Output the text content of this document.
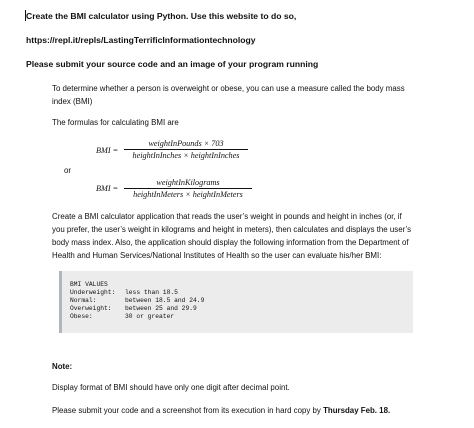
Create the BMI calculator using Python. Use this website to do so,
https://repl.it/repls/LastingTerrificInformationtechnology
Please submit your source code and an image of your program running
To determine whether a person is overweight or obese, you can use a measure called the body mass
index (BMI)
The formulas for calculating BMI are
BMI =
weightInPounds × 703
heightInInches × heightInInches
or
BMI =
weightInKilograms
heightInMeters × heightInMeters
Create a BMI calculator application that reads the user’s weight in pounds and height in inches (or, if
you prefer, the user’s weight in kilograms and height in meters), then calculates and displays the user’s
body mass index. Also, the application should display the following information from the Department of
Health and Human Services/National Institutes of Health so the user can evaluate his/her BMI:
BMI VALUES
Underweight: less than 18.5
Normal:	between 18.5 and 24.9
Overweight: between 25 and 29.9
Obese:	30 or greater
Note:
Display format of BMI should have only one digit after decimal point.
Please submit your code and a screenshot from its execution in hard copy by Thursday Feb. 18.
